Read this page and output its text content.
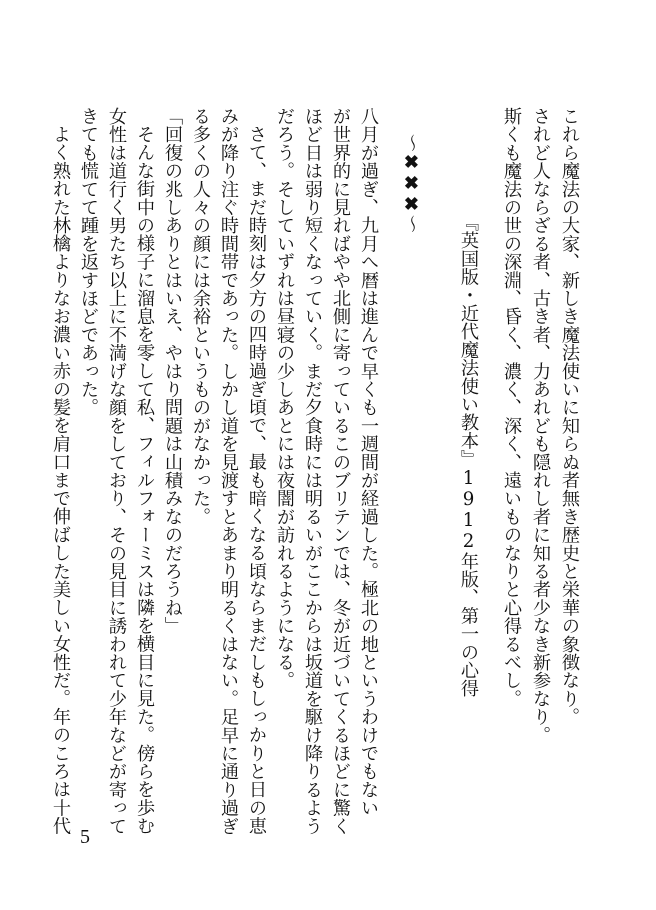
これら魔法の大家、新しき魔法使いに知らぬ者無き歴史と栄華の象徴なり。
されど人ならざる者、古き者、力あれども隠れし者に知る者少なき新参なり。
斯くも魔法の世の深淵、昏く、濃く、深く、遠いものなりと心得るべし。
『英国版・近代魔法使い教本』1912年版、第一の心得
〜✖✖✖〜
八月が過ぎ、九月へ暦は進んで早くも一週間が経過した。極北の地というわけでもない
が世界的に見ればやや北側に寄っているこのブリテンでは、冬が近づいてくるほどに驚く
ほど日は弱り短くなっていく。まだ夕食時には明るいがここからは坂道を駆け降りるよう
だろう。そしていずれは昼寝の少しあとには夜闇が訪れるようになる。
さて、まだ時刻は夕方の四時過ぎ頃で、最も暗くなる頃ならまだしもしっかりと日の恵
みが降り注ぐ時間帯であった。しかし道を見渡すとあまり明るくはない。足早に通り過ぎ
る多くの人々の顔には余裕というものがなかった。
「回復の兆しありとはいえ、やはり問題は山積みなのだろうね」
そんな街中の様子に溜息を零して私、フィルフォーミスは隣を横目に見た。傍らを歩む
女性は道行く男たち以上に不満げな顔をしており、その見目に誘われて少年などが寄って
きても慌てて踵を返すほどであった。
よく熟れた林檎よりなお濃い赤の髪を肩口まで伸ばした美しい女性だ。年のころは十代
5
